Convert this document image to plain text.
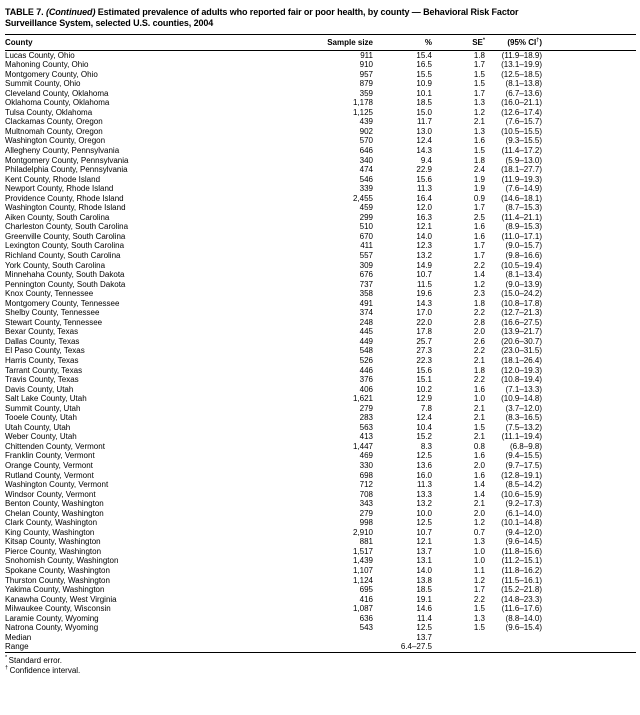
TABLE 7. (Continued) Estimated prevalence of adults who reported fair or poor health, by county — Behavioral Risk Factor
Surveillance System, selected U.S. counties, 2004
County	Sample size	%	SE*	(95% CI†)	
Lucas County, Ohio	911	15.4	1.8	(11.9–18.9)	
Mahoning County, Ohio	910	16.5	1.7	(13.1–19.9)	
Montgomery County, Ohio	957	15.5	1.5	(12.5–18.5)	
Summit County, Ohio	879	10.9	1.5	(8.1–13.8)	
Cleveland County, Oklahoma	359	10.1	1.7	(6.7–13.6)	
Oklahoma County, Oklahoma	1,178	18.5	1.3	(16.0–21.1)	
Tulsa County, Oklahoma	1,125	15.0	1.2	(12.6–17.4)	
Clackamas County, Oregon	439	11.7	2.1	(7.6–15.7)	
Multnomah County, Oregon	902	13.0	1.3	(10.5–15.5)	
Washington County, Oregon	570	12.4	1.6	(9.3–15.5)	
Allegheny County, Pennsylvania	646	14.3	1.5	(11.4–17.2)	
Montgomery County, Pennsylvania	340	9.4	1.8	(5.9–13.0)	
Philadelphia County, Pennsylvania	474	22.9	2.4	(18.1–27.7)	
Kent County, Rhode Island	546	15.6	1.9	(11.9–19.3)	
Newport County, Rhode Island	339	11.3	1.9	(7.6–14.9)	
Providence County, Rhode Island	2,455	16.4	0.9	(14.6–18.1)	
Washington County, Rhode Island	459	12.0	1.7	(8.7–15.3)	
Aiken County, South Carolina	299	16.3	2.5	(11.4–21.1)	
Charleston County, South Carolina	510	12.1	1.6	(8.9–15.3)	
Greenville County, South Carolina	670	14.0	1.6	(11.0–17.1)	
Lexington County, South Carolina	411	12.3	1.7	(9.0–15.7)	
Richland County, South Carolina	557	13.2	1.7	(9.8–16.6)	
York County, South Carolina	309	14.9	2.2	(10.5–19.4)	
Minnehaha County, South Dakota	676	10.7	1.4	(8.1–13.4)	
Pennington County, South Dakota	737	11.5	1.2	(9.0–13.9)	
Knox County, Tennessee	358	19.6	2.3	(15.0–24.2)	
Montgomery County, Tennessee	491	14.3	1.8	(10.8–17.8)	
Shelby County, Tennessee	374	17.0	2.2	(12.7–21.3)	
Stewart County, Tennessee	248	22.0	2.8	(16.6–27.5)	
Bexar County, Texas	445	17.8	2.0	(13.9–21.7)	
Dallas County, Texas	449	25.7	2.6	(20.6–30.7)	
El Paso County, Texas	548	27.3	2.2	(23.0–31.5)	
Harris County, Texas	526	22.3	2.1	(18.1–26.4)	
Tarrant County, Texas	446	15.6	1.8	(12.0–19.3)	
Travis County, Texas	376	15.1	2.2	(10.8–19.4)	
Davis County, Utah	406	10.2	1.6	(7.1–13.3)	
Salt Lake County, Utah	1,621	12.9	1.0	(10.9–14.8)	
Summit County, Utah	279	7.8	2.1	(3.7–12.0)	
Tooele County, Utah	283	12.4	2.1	(8.3–16.5)	
Utah County, Utah	563	10.4	1.5	(7.5–13.2)	
Weber County, Utah	413	15.2	2.1	(11.1–19.4)	
Chittenden County, Vermont	1,447	8.3	0.8	(6.8–9.8)	
Franklin County, Vermont	469	12.5	1.6	(9.4–15.5)	
Orange County, Vermont	330	13.6	2.0	(9.7–17.5)	
Rutland County, Vermont	698	16.0	1.6	(12.8–19.1)	
Washington County, Vermont	712	11.3	1.4	(8.5–14.2)	
Windsor County, Vermont	708	13.3	1.4	(10.6–15.9)	
Benton County, Washington	343	13.2	2.1	(9.2–17.3)	
Chelan County, Washington	279	10.0	2.0	(6.1–14.0)	
Clark County, Washington	998	12.5	1.2	(10.1–14.8)	
King County, Washington	2,910	10.7	0.7	(9.4–12.0)	
Kitsap County, Washington	881	12.1	1.3	(9.6–14.5)	
Pierce County, Washington	1,517	13.7	1.0	(11.8–15.6)	
Snohomish County, Washington	1,439	13.1	1.0	(11.2–15.1)	
Spokane County, Washington	1,107	14.0	1.1	(11.8–16.2)	
Thurston County, Washington	1,124	13.8	1.2	(11.5–16.1)	
Yakima County, Washington	695	18.5	1.7	(15.2–21.8)	
Kanawha County, West Virginia	416	19.1	2.2	(14.8–23.3)	
Milwaukee County, Wisconsin	1,087	14.6	1.5	(11.6–17.6)	
Laramie County, Wyoming	636	11.4	1.3	(8.8–14.0)	
Natrona County, Wyoming	543	12.5	1.5	(9.6–15.4)	
Median		13.7			
Range		6.4–27.5			
* Standard error.
† Confidence interval.
